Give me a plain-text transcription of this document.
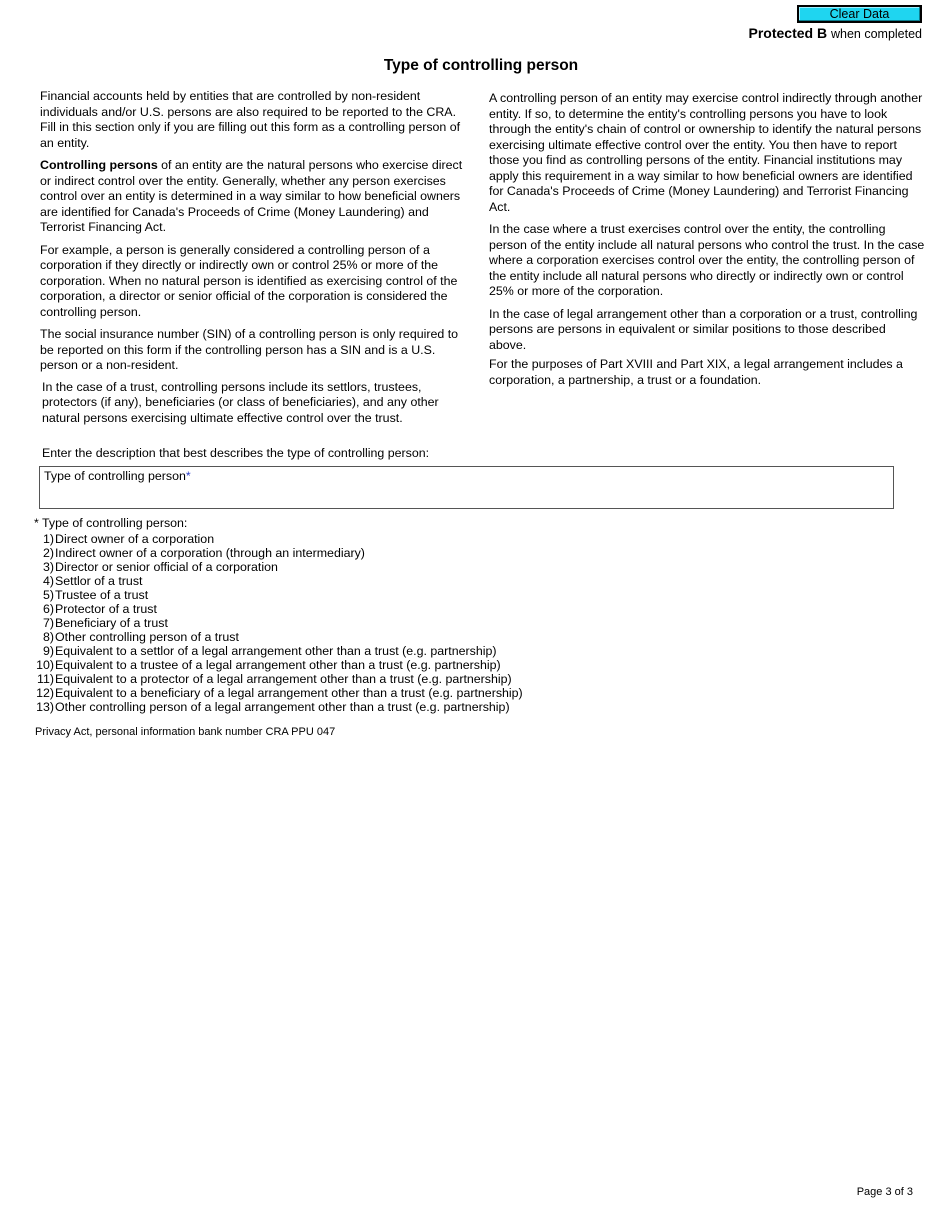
Clear Data
Protected B when completed
Type of controlling person

Financial accounts held by entities that are controlled by non-resident individuals and/or U.S. persons are also required to be reported to the CRA. Fill in this section only if you are filling out this form as a controlling person of an entity.

Controlling persons of an entity are the natural persons who exercise direct or indirect control over the entity. Generally, whether any person exercises control over an entity is determined in a way similar to how beneficial owners are identified for Canada's Proceeds of Crime (Money Laundering) and Terrorist Financing Act.

For example, a person is generally considered a controlling person of a corporation if they directly or indirectly own or control 25% or more of the corporation. When no natural person is identified as exercising control of the corporation, a director or senior official of the corporation is considered the controlling person.

The social insurance number (SIN) of a controlling person is only required to be reported on this form if the controlling person has a SIN and is a U.S. person or a non-resident.

In the case of a trust, controlling persons include its settlors, trustees, protectors (if any), beneficiaries (or class of beneficiaries), and any other natural persons exercising ultimate effective control over the trust.

A controlling person of an entity may exercise control indirectly through another entity. If so, to determine the entity's controlling persons you have to look through the entity's chain of control or ownership to identify the natural persons exercising ultimate effective control over the entity. You then have to report those you find as controlling persons of the entity. Financial institutions may apply this requirement in a way similar to how beneficial owners are identified for Canada's Proceeds of Crime (Money Laundering) and Terrorist Financing Act.

In the case where a trust exercises control over the entity, the controlling person of the entity include all natural persons who control the trust. In the case where a corporation exercises control over the entity, the controlling person of the entity include all natural persons who directly or indirectly own or control 25% or more of the corporation.

In the case of legal arrangement other than a corporation or a trust, controlling persons are persons in equivalent or similar positions to those described above.

For the purposes of Part XVIII and Part XIX, a legal arrangement includes a corporation, a partnership, a trust or a foundation.

Enter the description that best describes the type of controlling person:
Type of controlling person*
* Type of controlling person:
1) Direct owner of a corporation
2) Indirect owner of a corporation (through an intermediary)
3) Director or senior official of a corporation
4) Settlor of a trust
5) Trustee of a trust
6) Protector of a trust
7) Beneficiary of a trust
8) Other controlling person of a trust
9) Equivalent to a settlor of a legal arrangement other than a trust (e.g. partnership)
10) Equivalent to a trustee of a legal arrangement other than a trust (e.g. partnership)
11) Equivalent to a protector of a legal arrangement other than a trust (e.g. partnership)
12) Equivalent to a beneficiary of a legal arrangement other than a trust (e.g. partnership)
13) Other controlling person of a legal arrangement other than a trust (e.g. partnership)
Privacy Act, personal information bank number CRA PPU 047
Page 3 of 3
